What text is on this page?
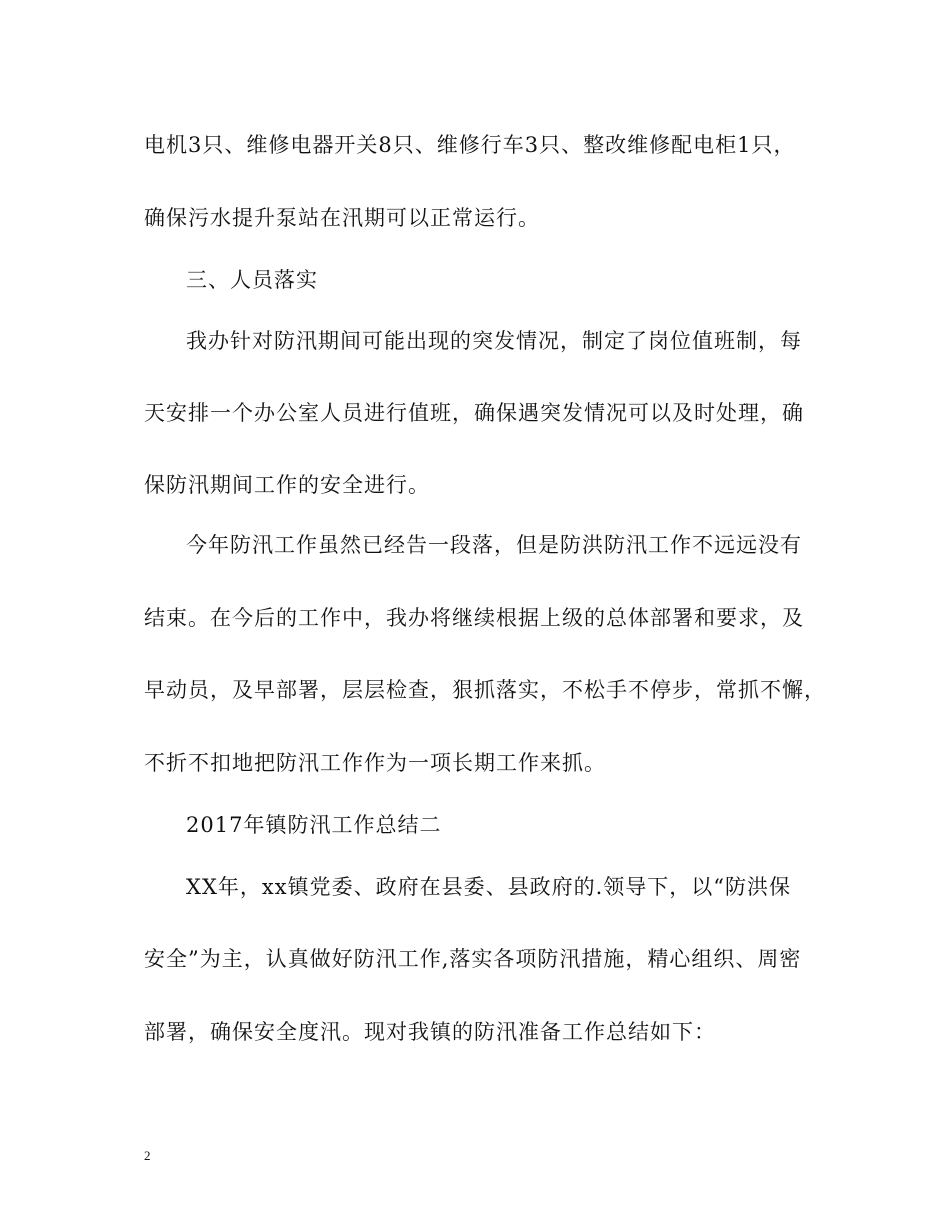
电机3只、维修电器开关8只、维修行车3只、整改维修配电柜1只，
确保污水提升泵站在汛期可以正常运行。
三、人员落实
我办针对防汛期间可能出现的突发情况，制定了岗位值班制，每
天安排一个办公室人员进行值班，确保遇突发情况可以及时处理，确
保防汛期间工作的安全进行。
今年防汛工作虽然已经告一段落，但是防洪防汛工作不远远没有
结束。在今后的工作中，我办将继续根据上级的总体部署和要求，及
早动员，及早部署，层层检查，狠抓落实，不松手不停步，常抓不懈，
不折不扣地把防汛工作作为一项长期工作来抓。
2017年镇防汛工作总结二
XX年，xx镇党委、政府在县委、县政府的.领导下，以“防洪保
安全”为主，认真做好防汛工作,落实各项防汛措施，精心组织、周密
部署，确保安全度汛。现对我镇的防汛准备工作总结如下：
2
